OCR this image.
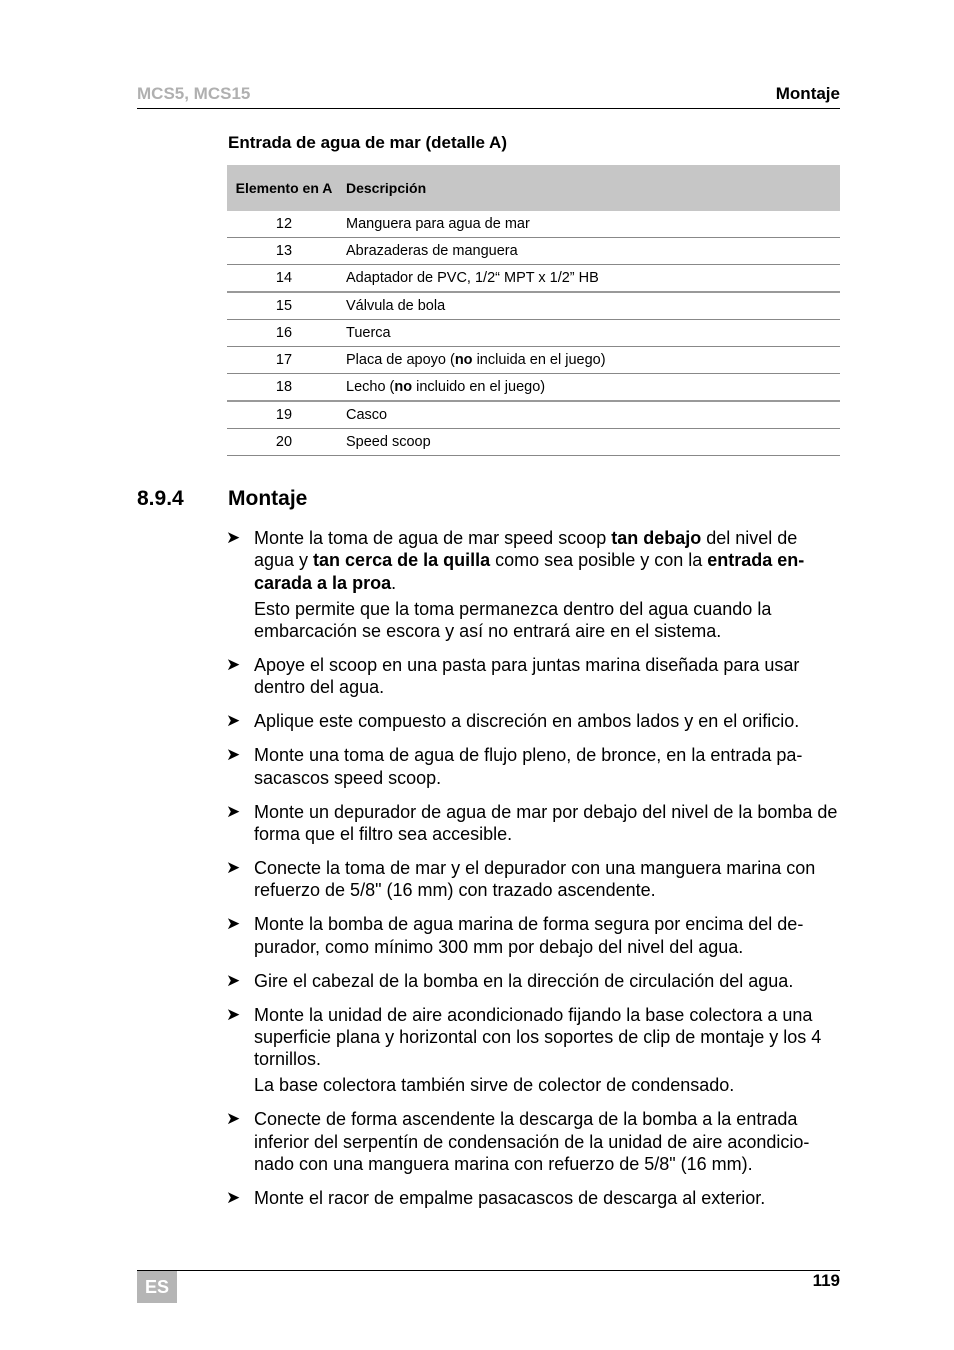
MCS5, MCS15	Montaje
Entrada de agua de mar (detalle A)
Elemento en A	Descripción
12	Manguera para agua de mar
13	Abrazaderas de manguera
14	Adaptador de PVC, 1/2“ MPT x 1/2” HB
15	Válvula de bola
16	Tuerca
17	Placa de apoyo (no incluida en el juego)
18	Lecho (no incluido en el juego)
19	Casco
20	Speed scoop
8.9.4 Montaje
➤ Monte la toma de agua de mar speed scoop tan debajo del nivel de agua y tan cerca de la quilla como sea posible y con la entrada en-carada a la proa.
Esto permite que la toma permanezca dentro del agua cuando la embarcación se escora y así no entrará aire en el sistema.
➤ Apoye el scoop en una pasta para juntas marina diseñada para usar dentro del agua.
➤ Aplique este compuesto a discreción en ambos lados y en el orificio.
➤ Monte una toma de agua de flujo pleno, de bronce, en la entrada pa-sacascos speed scoop.
➤ Monte un depurador de agua de mar por debajo del nivel de la bomba de forma que el filtro sea accesible.
➤ Conecte la toma de mar y el depurador con una manguera marina con refuerzo de 5/8" (16 mm) con trazado ascendente.
➤ Monte la bomba de agua marina de forma segura por encima del de-purador, como mínimo 300 mm por debajo del nivel del agua.
➤ Gire el cabezal de la bomba en la dirección de circulación del agua.
➤ Monte la unidad de aire acondicionado fijando la base colectora a una superficie plana y horizontal con los soportes de clip de montaje y los 4 tornillos.
La base colectora también sirve de colector de condensado.
➤ Conecte de forma ascendente la descarga de la bomba a la entrada inferior del serpentín de condensación de la unidad de aire acondicio-nado con una manguera marina con refuerzo de 5/8" (16 mm).
➤ Monte el racor de empalme pasacascos de descarga al exterior.
ES	119
